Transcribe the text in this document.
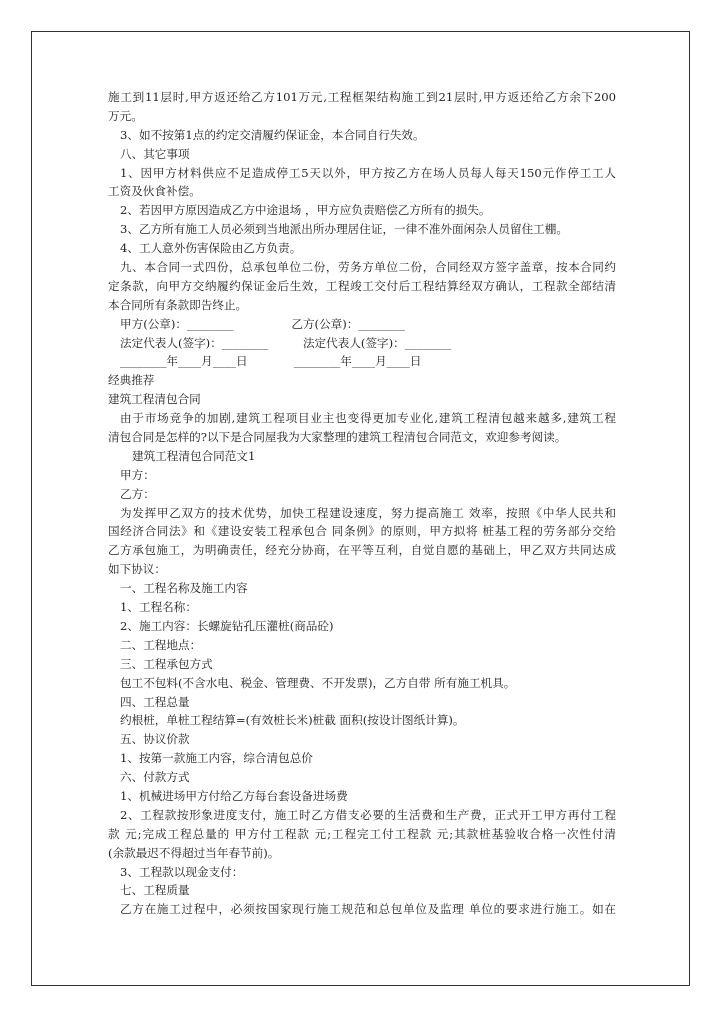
施工到11层时,甲方返还给乙方101万元,工程框架结构施工到21层时,甲方返还给乙方余下200
万元。
3、如不按第1点的约定交清履约保证金，本合同自行失效。
八、其它事项
1、因甲方材料供应不足造成停工5天以外，甲方按乙方在场人员每人每天150元作停工工人
工资及伙食补偿。
2、若因甲方原因造成乙方中途退场 ，甲方应负责赔偿乙方所有的损失。
3、乙方所有施工人员必须到当地派出所办理居住证，一律不准外面闲杂人员留住工棚。
4、工人意外伤害保险由乙方负责。
九、本合同一式四份，总承包单位二份，劳务方单位二份，合同经双方签字盖章，按本合同约
定条款，向甲方交纳履约保证金后生效，工程竣工交付后工程结算经双方确认，工程款全部结清
本合同所有条款即告终止。
甲方(公章)：________　　　　　乙方(公章)：________
法定代表人(签字)：________　　　法定代表人(签字)：________
________年____月____日　　　　________年____月____日
经典推荐
建筑工程清包合同
由于市场竞争的加剧,建筑工程项目业主也变得更加专业化,建筑工程清包越来越多,建筑工程
清包合同是怎样的?以下是合同屋我为大家整理的建筑工程清包合同范文，欢迎参考阅读。
建筑工程清包合同范文1
甲方：
乙方：
为发挥甲乙双方的技术优势，加快工程建设速度，努力提高施工 效率，按照《中华人民共和
国经济合同法》和《建设安装工程承包合 同条例》的原则，甲方拟将 桩基工程的劳务部分交给
乙方承包施工，为明确责任，经充分协商，在平等互利，自觉自愿的基础上，甲乙双方共同达成
如下协议：
一、工程名称及施工内容
1、工程名称：
2、施工内容：长螺旋钻孔压灌桩(商品砼)
二、工程地点：
三、工程承包方式
包工不包料(不含水电、税金、管理费、不开发票)，乙方自带 所有施工机具。
四、工程总量
约根桩，单桩工程结算=(有效桩长米)桩截 面积(按设计图纸计算)。
五、协议价款
1、按第一款施工内容，综合清包总价
六、付款方式
1、机械进场甲方付给乙方每台套设备进场费
2、工程款按形象进度支付，施工时乙方借支必要的生活费和生产费，正式开工甲方再付工程
款 元;完成工程总量的 甲方付工程款 元;工程完工付工程款 元;其款桩基验收合格一次性付清
(余款最迟不得超过当年春节前)。
3、工程款以现金支付：
七、工程质量
乙方在施工过程中，必须按国家现行施工规范和总包单位及监理 单位的要求进行施工。如在
